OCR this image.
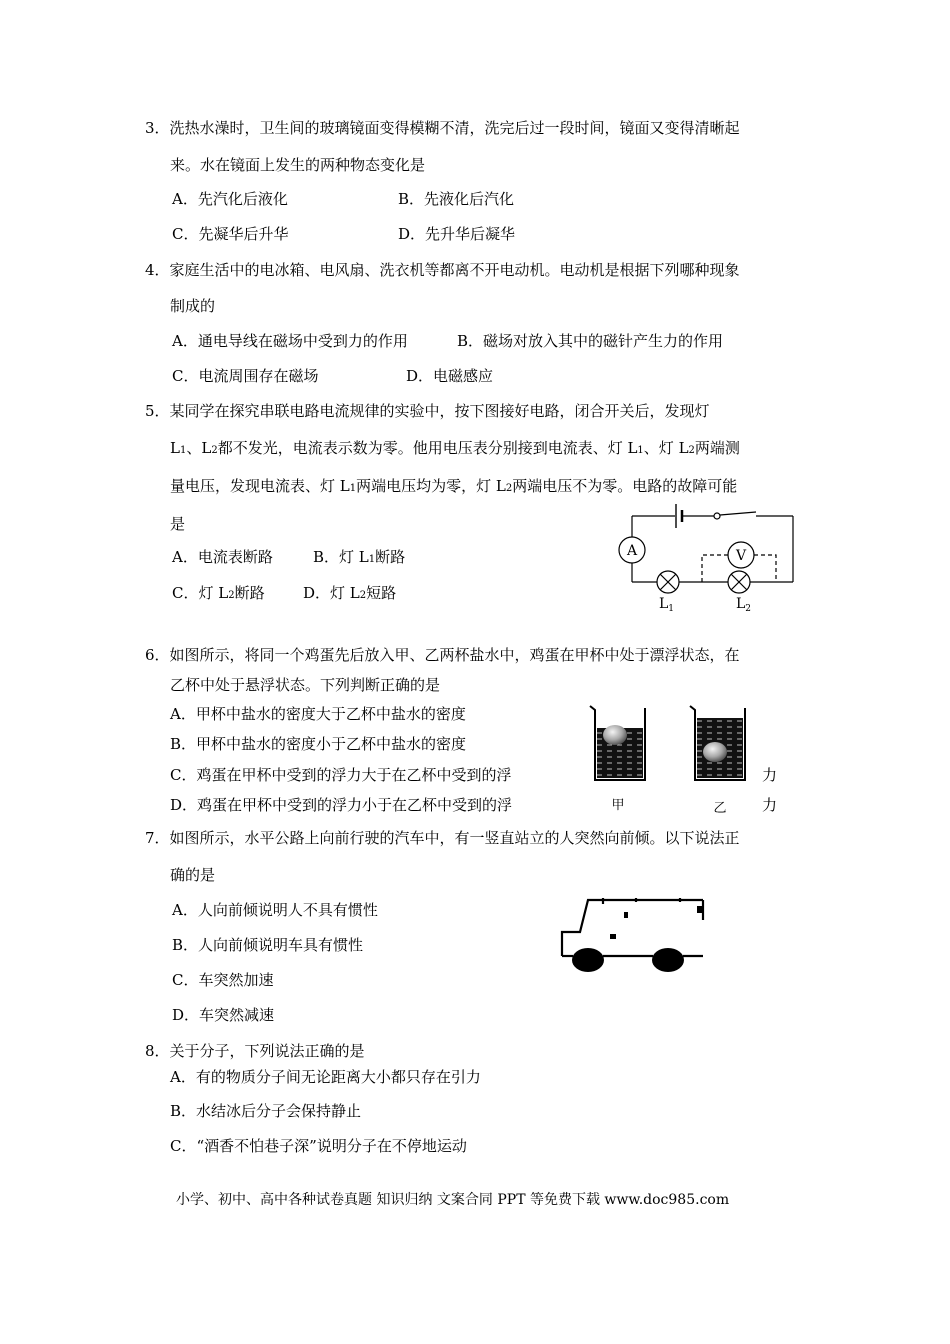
3．洗热水澡时，卫生间的玻璃镜面变得模糊不清，洗完后过一段时间，镜面又变得清晰起
来。水在镜面上发生的两种物态变化是
A．先汽化后液化	B．先液化后汽化
C．先凝华后升华	D．先升华后凝华
4．家庭生活中的电冰箱、电风扇、洗衣机等都离不开电动机。电动机是根据下列哪种现象
制成的
A．通电导线在磁场中受到力的作用	B．磁场对放入其中的磁针产生力的作用
C．电流周围存在磁场	D．电磁感应
5．某同学在探究串联电路电流规律的实验中，按下图接好电路，闭合开关后，发现灯
L1、L2都不发光，电流表示数为零。他用电压表分别接到电流表、灯 L1、灯 L2两端测
量电压，发现电流表、灯 L1两端电压均为零，灯 L2两端电压不为零。电路的故障可能
是
A．电流表断路	B．灯 L1断路
C．灯 L2断路	D．灯 L2短路
A	V
$L_1$	$L_2$
6．如图所示，将同一个鸡蛋先后放入甲、乙两杯盐水中，鸡蛋在甲杯中处于漂浮状态，在
乙杯中处于悬浮状态。下列判断正确的是
A．甲杯中盐水的密度大于乙杯中盐水的密度
B．甲杯中盐水的密度小于乙杯中盐水的密度
C．鸡蛋在甲杯中受到的浮力大于在乙杯中受到的浮	力
D．鸡蛋在甲杯中受到的浮力小于在乙杯中受到的浮	力
甲	乙
7．如图所示，水平公路上向前行驶的汽车中，有一竖直站立的人突然向前倾。以下说法正
确的是
A．人向前倾说明人不具有惯性
B．人向前倾说明车具有惯性
C．车突然加速
D．车突然减速
8．关于分子，下列说法正确的是
A．有的物质分子间无论距离大小都只存在引力
B．水结冰后分子会保持静止
C．“酒香不怕巷子深”说明分子在不停地运动
小学、初中、高中各种试卷真题 知识归纳 文案合同 PPT 等免费下载 www.doc985.com
